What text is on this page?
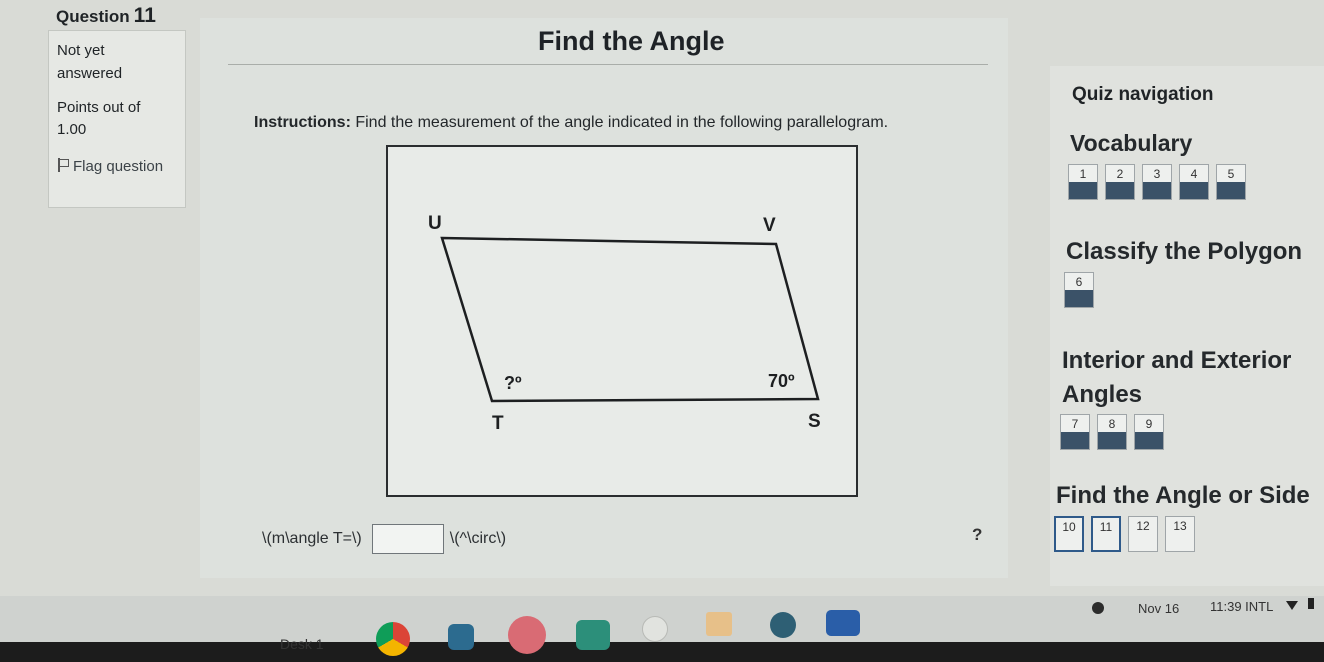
Question 11
Not yet answered
Points out of
1.00
Flag question
Find the Angle
Instructions: Find the measurement of the angle indicated in the following parallelogram.
U	V
T	S
?º	70º
\(m\angle T=\)	\(^\circ\)	?
Quiz navigation
Vocabulary
1	2	3	4	5
Classify the Polygon
6
Interior and Exterior Angles
7	8	9
Find the Angle or Side
10	11	12	13
Desk 1
Nov 16 11:39 INTL
